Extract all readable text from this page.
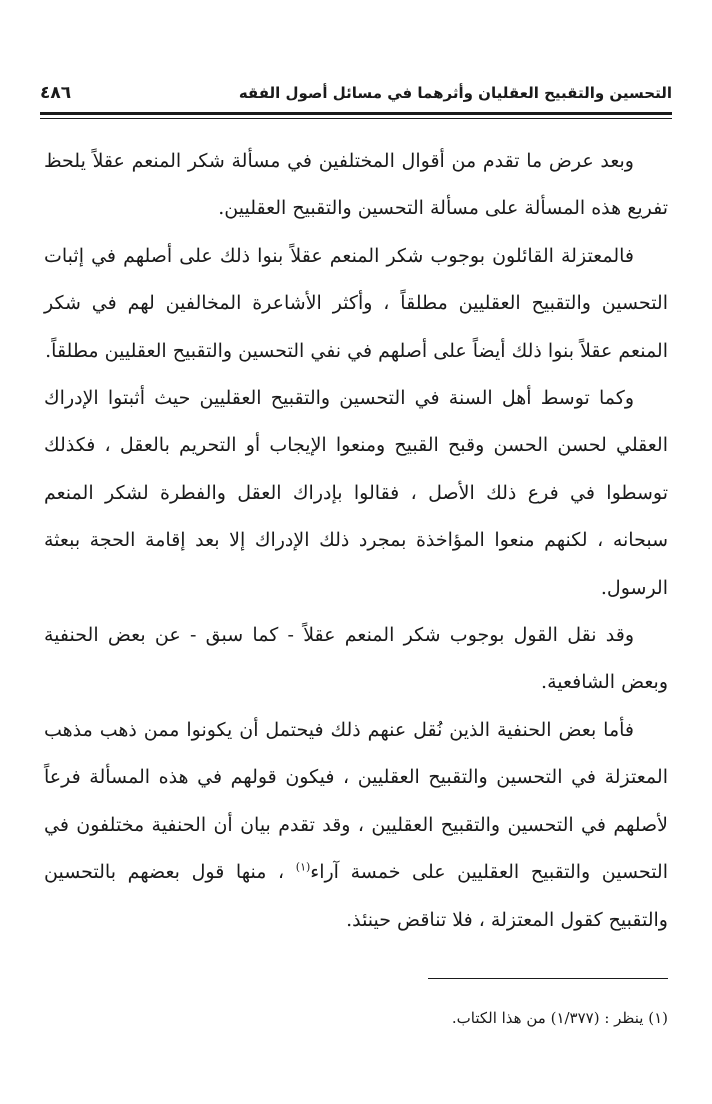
التحسين والتقبيح العقليان وأثرهما في مسائل أصول الفقه
٤٨٦

وبعد عرض ما تقدم من أقوال المختلفين في مسألة شكر المنعم عقلاً يلحظ تفريع هذه المسألة على مسألة التحسين والتقبيح العقليين.

فالمعتزلة القائلون بوجوب شكر المنعم عقلاً بنوا ذلك على أصلهم في إثبات التحسين والتقبيح العقليين مطلقاً ، وأكثر الأشاعرة المخالفين لهم في شكر المنعم عقلاً بنوا ذلك أيضاً على أصلهم في نفي التحسين والتقبيح العقليين مطلقاً.

وكما توسط أهل السنة في التحسين والتقبيح العقليين حيث أثبتوا الإدراك العقلي لحسن الحسن وقبح القبيح ومنعوا الإيجاب أو التحريم بالعقل ، فكذلك توسطوا في فرع ذلك الأصل ، فقالوا بإدراك العقل والفطرة لشكر المنعم سبحانه ، لكنهم منعوا المؤاخذة بمجرد ذلك الإدراك إلا بعد إقامة الحجة ببعثة الرسول.

وقد نقل القول بوجوب شكر المنعم عقلاً - كما سبق - عن بعض الحنفية وبعض الشافعية.

فأما بعض الحنفية الذين نُقل عنهم ذلك فيحتمل أن يكونوا ممن ذهب مذهب المعتزلة في التحسين والتقبيح العقليين ، فيكون قولهم في هذه المسألة فرعاً لأصلهم في التحسين والتقبيح العقليين ، وقد تقدم بيان أن الحنفية مختلفون في التحسين والتقبيح العقليين على خمسة آراء$^{(١)}$ ، منها قول بعضهم بالتحسين والتقبيح كقول المعتزلة ، فلا تناقض حينئذ.

(١) ينظر : (١/٣٧٧) من هذا الكتاب.
